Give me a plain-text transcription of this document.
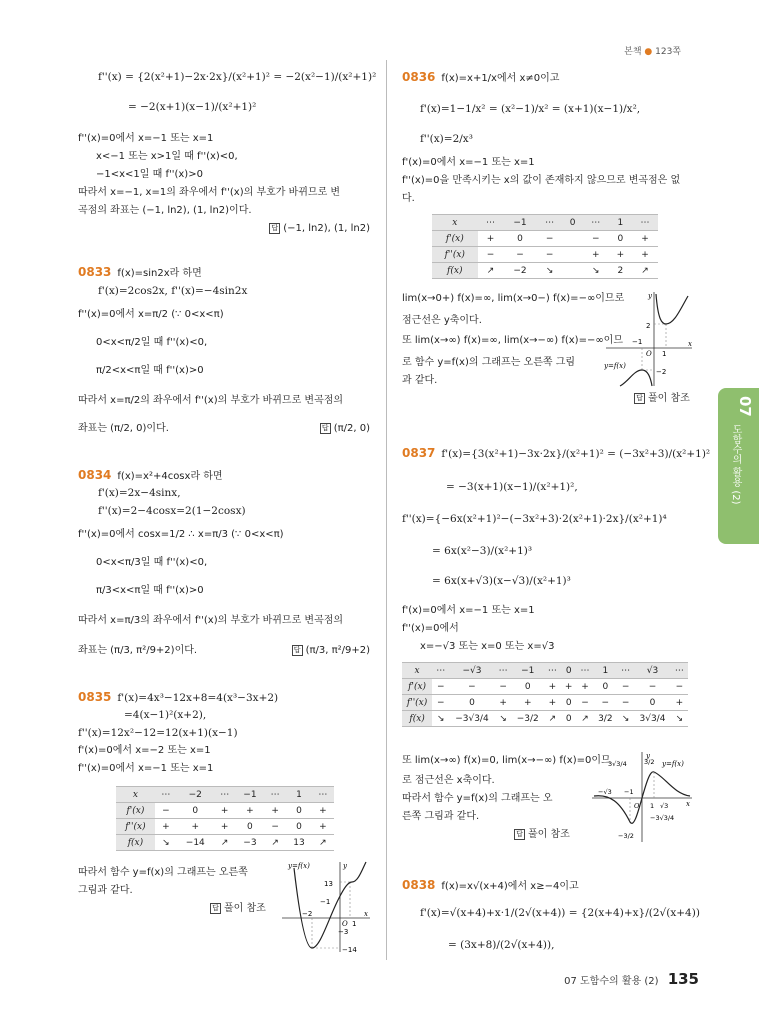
본책 ● 123쪽
f''(x) = {2(x²+1)−2x·2x}/(x²+1)² = −2(x²−1)/(x²+1)²
= −2(x+1)(x−1)/(x²+1)²
f''(x)=0에서 x=−1 또는 x=1
x<−1 또는 x>1일 때 f''(x)<0,
−1<x<1일 때 f''(x)>0
따라서 x=−1, x=1의 좌우에서 f''(x)의 부호가 바뀌므로 변
곡점의 좌표는 (−1, ln2), (1, ln2)이다.
답 (−1, ln2), (1, ln2)
0833 f(x)=sin2x라 하면
f'(x)=2cos2x, f''(x)=−4sin2x
f''(x)=0에서 x=π/2 (∵ 0<x<π)
0<x<π/2일 때 f''(x)<0,
π/2<x<π일 때 f''(x)>0
따라서 x=π/2의 좌우에서 f''(x)의 부호가 바뀌므로 변곡점의
좌표는 (π/2, 0)이다.	답 (π/2, 0)
0834 f(x)=x²+4cosx라 하면
f'(x)=2x−4sinx,
f''(x)=2−4cosx=2(1−2cosx)
f''(x)=0에서 cosx=1/2 ∴ x=π/3 (∵ 0<x<π)
0<x<π/3일 때 f''(x)<0,
π/3<x<π일 때 f''(x)>0
따라서 x=π/3의 좌우에서 f''(x)의 부호가 바뀌므로 변곡점의
좌표는 (π/3, π²/9+2)이다.	답 (π/3, π²/9+2)
0835 f'(x)=4x³−12x+8=4(x³−3x+2)
=4(x−1)²(x+2),
f''(x)=12x²−12=12(x+1)(x−1)
f'(x)=0에서 x=−2 또는 x=1
f''(x)=0에서 x=−1 또는 x=1
x	⋯	−2	⋯	−1	⋯	1	⋯
f'(x)	−	0	+	+	+	0	+
f''(x)	+	+	+	0	−	0	+
f(x)	↘	−14	↗	−3	↗	13	↗
따라서 함수 y=f(x)의 그래프는 오른쪽
그림과 같다.
답 풀이 참조
−3
−1
−2
O 1
13
−14
x
y
y=f(x)
0836 f(x)=x+1/x에서 x≠0이고
f'(x)=1−1/x² = (x²−1)/x² = (x+1)(x−1)/x²,
f''(x)=2/x³
f'(x)=0에서 x=−1 또는 x=1
f''(x)=0을 만족시키는 x의 값이 존재하지 않으므로 변곡점은 없
다.
x	⋯	−1	⋯	0	⋯	1	⋯
f'(x)	+	0	−		−	0	+
f''(x)	−	−	−		+	+	+
f(x)	↗	−2	↘		↘	2	↗
lim(x→0+) f(x)=∞, lim(x→0−) f(x)=−∞이므로
점근선은 y축이다.
또 lim(x→∞) f(x)=∞, lim(x→−∞) f(x)=−∞이므
로 함수 y=f(x)의 그래프는 오른쪽 그림
과 같다.
답 풀이 참조
2
−1
O 1
−2
y=f(x)
x
y
0837 f'(x)={3(x²+1)−3x·2x}/(x²+1)² = (−3x²+3)/(x²+1)²
= −3(x+1)(x−1)/(x²+1)²,
f''(x)={−6x(x²+1)²−(−3x²+3)·2(x²+1)·2x}/(x²+1)⁴
= 6x(x²−3)/(x²+1)³
= 6x(x+√3)(x−√3)/(x²+1)³
f'(x)=0에서 x=−1 또는 x=1
f''(x)=0에서
x=−√3 또는 x=0 또는 x=√3
x	⋯	−√3	⋯	−1	⋯	0	⋯	1	⋯	√3	⋯
f'(x)	−	−	−	0	+	+	+	0	−	−	−
f''(x)	−	0	+	+	+	0	−	−	−	0	+
f(x)	↘	−3√3/4	↘	−3/2	↗	0	↗	3/2	↘	3√3/4	↘
또 lim(x→∞) f(x)=0, lim(x→−∞) f(x)=0이므
로 점근선은 x축이다.
따라서 함수 y=f(x)의 그래프는 오
른쪽 그림과 같다.
답 풀이 참조
3√3/4	3/2
−√3 −1
O 1 √3
−3√3/4
−3/2
y=f(x)
x
y
0838 f(x)=x√(x+4)에서 x≥−4이고
f'(x)=√(x+4)+x·1/(2√(x+4)) = {2(x+4)+x}/(2√(x+4))
= (3x+8)/(2√(x+4)),
07
도함수의 활용 (2)
07 도함수의 활용 (2) 135
